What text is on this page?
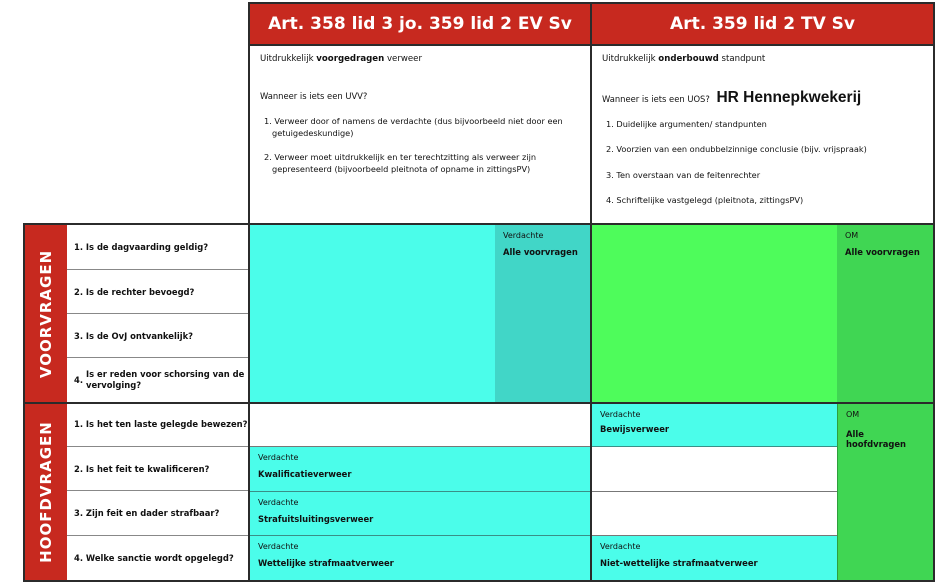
Art. 358 lid 3 jo. 359 lid 2 EV Sv	Art. 359 lid 2 TV Sv
Uitdrukkelijk voorgedragen verweer
Wanneer is iets een UVV?
1. Verweer door of namens de verdachte (dus bijvoorbeeld niet door een getuigedeskundige)
2. Verweer moet uitdrukkelijk en ter terechtzitting als verweer zijn gepresenteerd (bijvoorbeeld pleitnota of opname in zittingsPV)
Uitdrukkelijk onderbouwd standpunt
Wanneer is iets een UOS? HR Hennepkwekerij
1. Duidelijke argumenten/ standpunten
2. Voorzien van een ondubbelzinnige conclusie (bijv. vrijspraak)
3. Ten overstaan van de feitenrechter
4. Schriftelijke vastgelegd (pleitnota, zittingsPV)
VOORVRAGEN
1. Is de dagvaarding geldig?
2. Is de rechter bevoegd?
3. Is de OvJ ontvankelijk?
4.
Is er reden voor schorsing van de vervolging?
Verdachte
Alle voorvragen
OM
Alle voorvragen
HOOFDVRAGEN 1. Is het ten laste gelegde bewezen?
2. Is het feit te kwalificeren?
3. Zijn feit en dader strafbaar?
4. Welke sanctie wordt opgelegd?
Verdachte
Kwalificatieverweer
Verdachte
Strafuitsluitingsverweer
Verdachte
Wettelijke strafmaatverweer
Verdachte
Bewijsverweer
Verdachte
Niet-wettelijke strafmaatverweer
OM
Alle hoofdvragen
